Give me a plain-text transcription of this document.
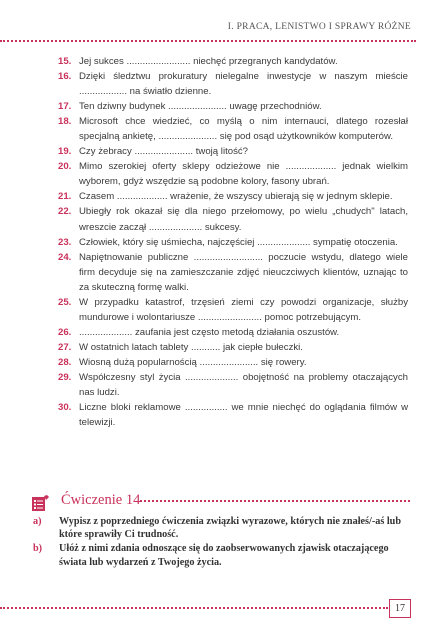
I. PRACA, LENISTWO I SPRAWY RÓŻNE
15. Jej sukces ........................ niechęć przegranych kandydatów.
16. Dzięki śledztwu prokuratury nielegalne inwestycje w naszym mieście .................. na światło dzienne.
17. Ten dziwny budynek ...................... uwagę przechodniów.
18. Microsoft chce wiedzieć, co myślą o nim internauci, dlatego rozesłał specjalną ankietę, ...................... się pod osąd użytkowników komputerów.
19. Czy żebracy ...................... twoją litość?
20. Mimo szerokiej oferty sklepy odzieżowe nie ................... jednak wielkim wyborem, gdyż wszędzie są podobne kolory, fasony ubrań.
21. Czasem ................... wrażenie, że wszyscy ubierają się w jednym sklepie.
22. Ubiegły rok okazał się dla niego przełomowy, po wielu „chudych" latach, wreszcie zaczął .................... sukcesy.
23. Człowiek, który się uśmiecha, najczęściej .................... sympatię otoczenia.
24. Napiętnowanie publiczne .......................... poczucie wstydu, dlatego wiele firm decyduje się na zamieszczanie zdjęć nieuczciwych klientów, uznając to za skuteczną formę walki.
25. W przypadku katastrof, trzęsień ziemi czy powodzi organizacje, służby mundurowe i wolontariusze ........................ pomoc potrzebującym.
26. .................... zaufania jest często metodą działania oszustów.
27. W ostatnich latach tablety ........... jak ciepłe bułeczki.
28. Wiosną dużą popularnością ...................... się rowery.
29. Współczesny styl życia .................... obojętność na problemy otaczających nas ludzi.
30. Liczne bloki reklamowe ................ we mnie niechęć do oglądania filmów w telewizji.
Ćwiczenie 14
a) Wypisz z poprzedniego ćwiczenia związki wyrazowe, których nie znałeś/-aś lub które sprawiły Ci trudność.
b) Ułóż z nimi zdania odnoszące się do zaobserwowanych zjawisk otaczającego świata lub wydarzeń z Twojego życia.
17
